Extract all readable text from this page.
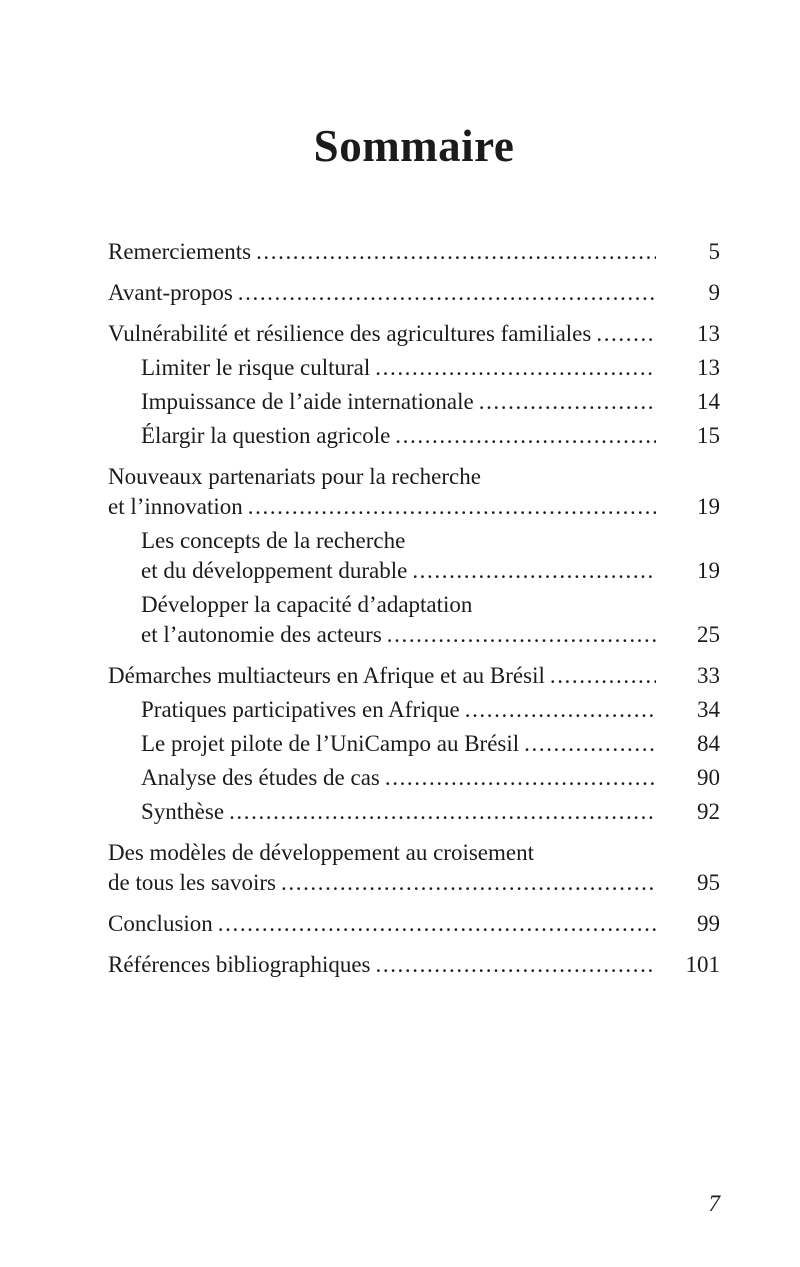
Sommaire
Remerciements .....	5
Avant-propos .....	9
Vulnérabilité et résilience des agricultures familiales .....	13
Limiter le risque cultural .....	13
Impuissance de l’aide internationale .....	14
Élargir la question agricole .....	15
Nouveaux partenariats pour la recherche
et l’innovation .....	19
Les concepts de la recherche
et du développement durable .....	19
Développer la capacité d’adaptation
et l’autonomie des acteurs .....	25
Démarches multiacteurs en Afrique et au Brésil .....	33
Pratiques participatives en Afrique .....	34
Le projet pilote de l’UniCampo au Brésil .....	84
Analyse des études de cas .....	90
Synthèse .....	92
Des modèles de développement au croisement
de tous les savoirs .....	95
Conclusion .....	99
Références bibliographiques .....	101
7
